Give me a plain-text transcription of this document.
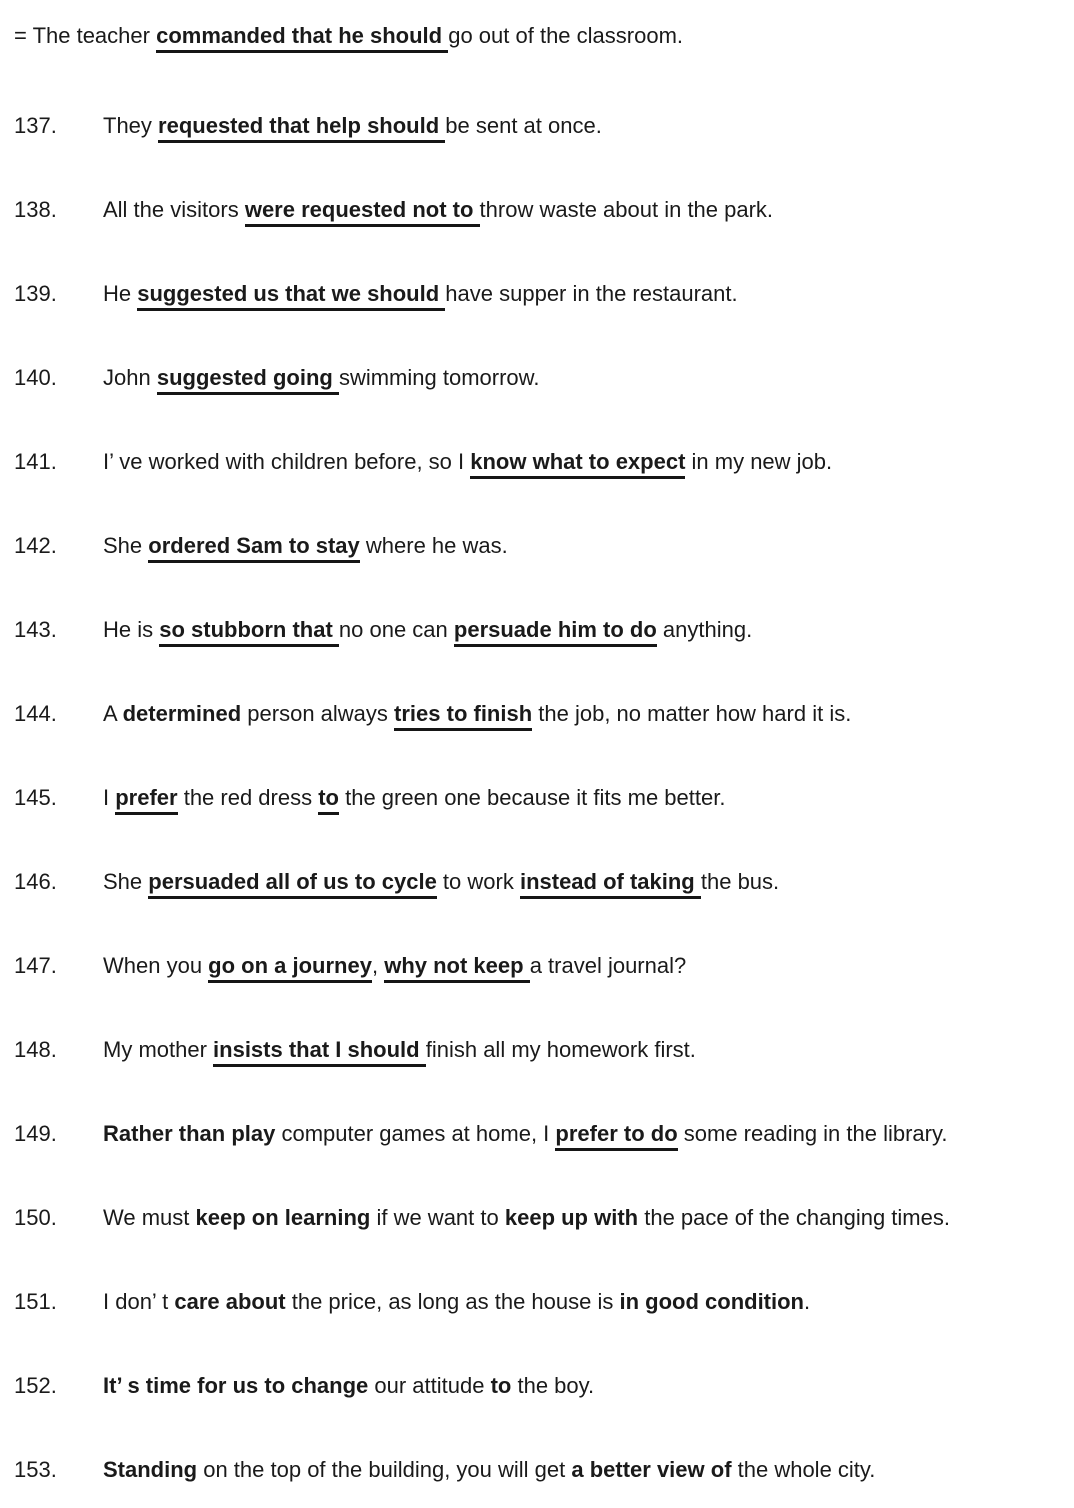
= The teacher commanded that he should go out of the classroom.

137.	They requested that help should be sent at once.
138.	All the visitors were requested not to throw waste about in the park.
139.	He suggested us that we should have supper in the restaurant.
140.	John suggested going swimming tomorrow.
141.	I’ ve worked with children before, so I know what to expect in my new job.
142.	She ordered Sam to stay where he was.
143.	He is so stubborn that no one can persuade him to do anything.
144.	A determined person always tries to finish the job, no matter how hard it is.
145.	I prefer the red dress to the green one because it fits me better.
146.	She persuaded all of us to cycle to work instead of taking the bus.
147.	When you go on a journey, why not keep a travel journal?
148.	My mother insists that I should finish all my homework first.
149.	Rather than play computer games at home, I prefer to do some reading in the library.
150.	We must keep on learning if we want to keep up with the pace of the changing times.
151.	I don’ t care about the price, as long as the house is in good condition.
152.	It’ s time for us to change our attitude to the boy.
153.	Standing on the top of the building, you will get a better view of the whole city.
